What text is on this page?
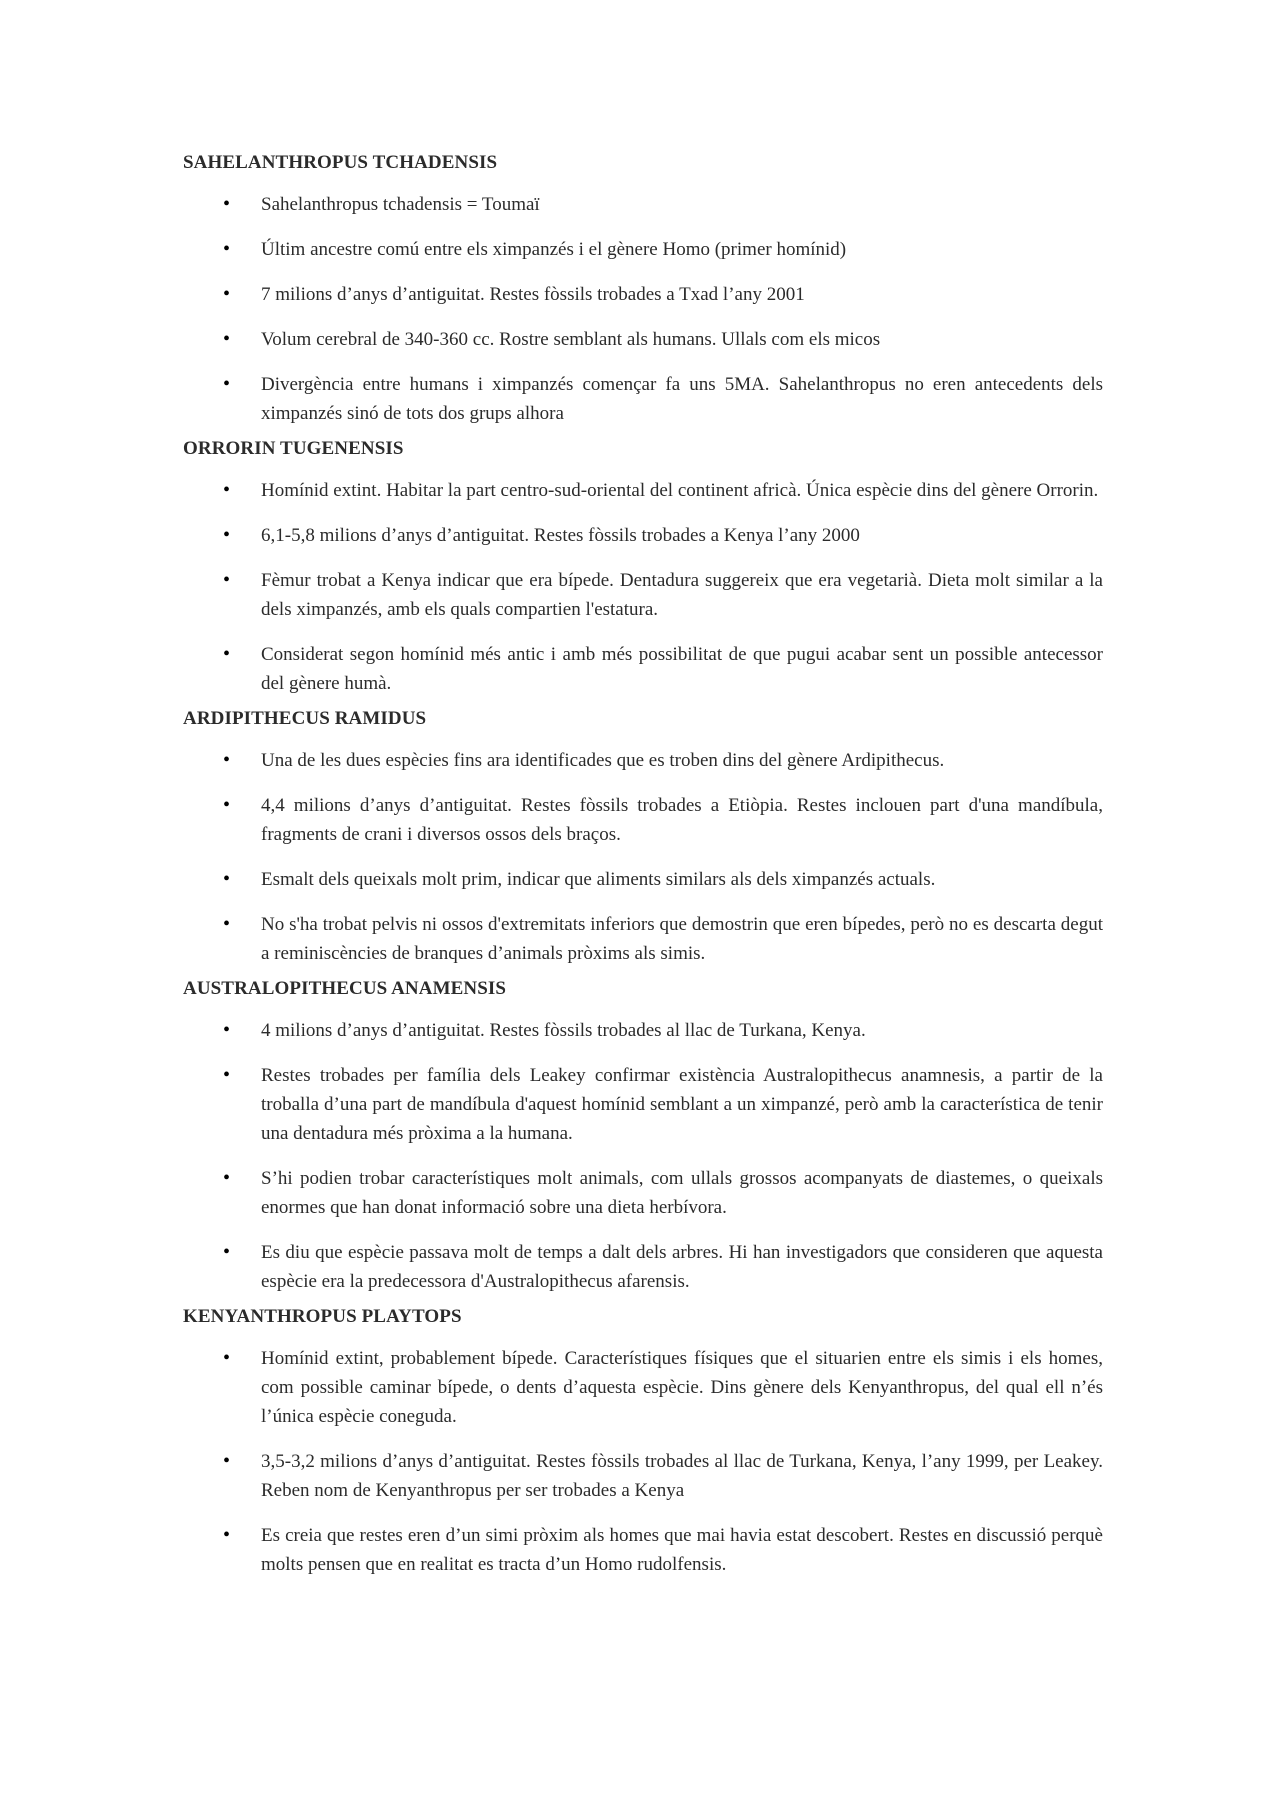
SAHELANTHROPUS TCHADENSIS
• Sahelanthropus tchadensis = Toumaï
• Últim ancestre comú entre els ximpanzés i el gènere Homo (primer homínid)
• 7 milions d’anys d’antiguitat. Restes fòssils trobades a Txad l’any 2001
• Volum cerebral de 340-360 cc. Rostre semblant als humans. Ullals com els micos
• Divergència entre humans i ximpanzés començar fa uns 5MA. Sahelanthropus no eren antecedents dels ximpanzés sinó de tots dos grups alhora
ORRORIN TUGENENSIS
• Homínid extint. Habitar la part centro-sud-oriental del continent africà. Única espècie dins del gènere Orrorin.
• 6,1-5,8 milions d’anys d’antiguitat. Restes fòssils trobades a Kenya l’any 2000
• Fèmur trobat a Kenya indicar que era bípede. Dentadura suggereix que era vegetarià. Dieta molt similar a la dels ximpanzés, amb els quals compartien l'estatura.
• Considerat segon homínid més antic i amb més possibilitat de que pugui acabar sent un possible antecessor del gènere humà.
ARDIPITHECUS RAMIDUS
• Una de les dues espècies fins ara identificades que es troben dins del gènere Ardipithecus.
• 4,4 milions d’anys d’antiguitat. Restes fòssils trobades a Etiòpia. Restes inclouen part d'una mandíbula, fragments de crani i diversos ossos dels braços.
• Esmalt dels queixals molt prim, indicar que aliments similars als dels ximpanzés actuals.
• No s'ha trobat pelvis ni ossos d'extremitats inferiors que demostrin que eren bípedes, però no es descarta degut a reminiscències de branques d’animals pròxims als simis.
AUSTRALOPITHECUS ANAMENSIS
• 4 milions d’anys d’antiguitat. Restes fòssils trobades al llac de Turkana, Kenya.
• Restes trobades per família dels Leakey confirmar existència Australopithecus anamnesis, a partir de la troballa d’una part de mandíbula d'aquest homínid semblant a un ximpanzé, però amb la característica de tenir una dentadura més pròxima a la humana.
• S’hi podien trobar característiques molt animals, com ullals grossos acompanyats de diastemes, o queixals enormes que han donat informació sobre una dieta herbívora.
• Es diu que espècie passava molt de temps a dalt dels arbres. Hi han investigadors que consideren que aquesta espècie era la predecessora d'Australopithecus afarensis.
KENYANTHROPUS PLAYTOPS
• Homínid extint, probablement bípede. Característiques físiques que el situarien entre els simis i els homes, com possible caminar bípede, o dents d’aquesta espècie. Dins gènere dels Kenyanthropus, del qual ell n’és l’única espècie coneguda.
• 3,5-3,2 milions d’anys d’antiguitat. Restes fòssils trobades al llac de Turkana, Kenya, l’any 1999, per Leakey. Reben nom de Kenyanthropus per ser trobades a Kenya
• Es creia que restes eren d’un simi pròxim als homes que mai havia estat descobert. Restes en discussió perquè molts pensen que en realitat es tracta d’un Homo rudolfensis.
